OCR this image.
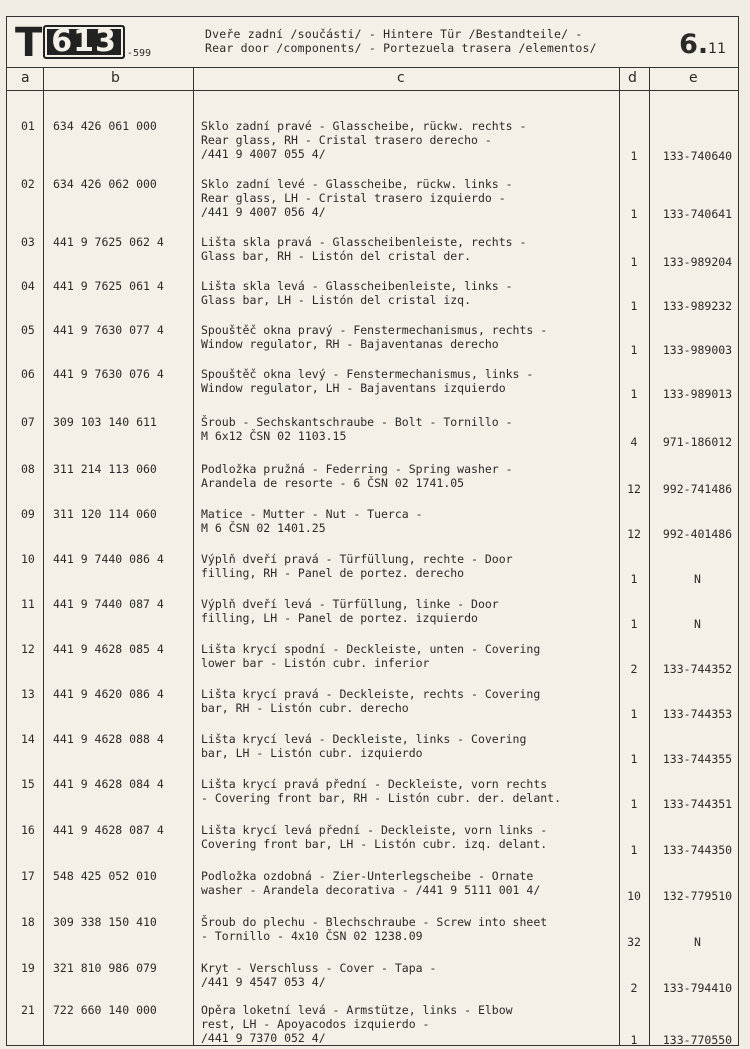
T 613	-599
Dveře zadní /součásti/ - Hintere Tür /Bestandteile/ -
Rear door /components/ - Portezuela trasera /elementos/	6.11
a	b	c	d	e
01 634 426 061 000	Sklo zadní pravé - Glasscheibe, rückw. rechts -
Rear glass, RH - Cristal trasero derecho -
/441 9 4007 055 4/	1	133-740640
02 634 426 062 000	Sklo zadní levé - Glasscheibe, rückw. links -
Rear glass, LH - Cristal trasero izquierdo -
/441 9 4007 056 4/	1	133-740641
03 441 9 7625 062 4	Lišta skla pravá - Glasscheibenleiste, rechts -
Glass bar, RH - Listón del cristal der.	1	133-989204
04 441 9 7625 061 4	Lišta skla levá - Glasscheibenleiste, links -
Glass bar, LH - Listón del cristal izq.	1	133-989232
05 441 9 7630 077 4	Spouštěč okna pravý - Fenstermechanismus, rechts -
Window regulator, RH - Bajaventanas derecho	1	133-989003
06 441 9 7630 076 4	Spouštěč okna levý - Fenstermechanismus, links -
Window regulator, LH - Bajaventans izquierdo	1	133-989013
07 309 103 140 611	Šroub - Sechskantschraube - Bolt - Tornillo -
M 6x12 ČSN 02 1103.15	4	971-186012
08 311 214 113 060	Podložka pružná - Federring - Spring washer -
Arandela de resorte - 6 ČSN 02 1741.05	12	992-741486
09 311 120 114 060	Matice - Mutter - Nut - Tuerca -
M 6 ČSN 02 1401.25	12	992-401486
10 441 9 7440 086 4	Výplň dveří pravá - Türfüllung, rechte - Door
filling, RH - Panel de portez. derecho	1	N
11 441 9 7440 087 4	Výplň dveří levá - Türfüllung, linke - Door
filling, LH - Panel de portez. izquierdo	1	N
12 441 9 4628 085 4	Lišta krycí spodní - Deckleiste, unten - Covering
lower bar - Listón cubr. inferior	2	133-744352
13 441 9 4620 086 4	Lišta krycí pravá - Deckleiste, rechts - Covering
bar, RH - Listón cubr. derecho	1	133-744353
14 441 9 4628 088 4	Lišta krycí levá - Deckleiste, links - Covering
bar, LH - Listón cubr. izquierdo	1	133-744355
15 441 9 4628 084 4	Lišta krycí pravá přední - Deckleiste, vorn rechts
- Covering front bar, RH - Listón cubr. der. delant.	1	133-744351
16 441 9 4628 087 4	Lišta krycí levá přední - Deckleiste, vorn links -
Covering front bar, LH - Listón cubr. izq. delant.	1	133-744350
17 548 425 052 010	Podložka ozdobná - Zier-Unterlegscheibe - Ornate
washer - Arandela decorativa - /441 9 5111 001 4/	10	132-779510
18 309 338 150 410	Šroub do plechu - Blechschraube - Screw into sheet
- Tornillo - 4x10 ČSN 02 1238.09	32	N
19 321 810 986 079	Kryt - Verschluss - Cover - Tapa -
/441 9 4547 053 4/	2	133-794410
21 722 660 140 000	Opěra loketní levá - Armstütze, links - Elbow
rest, LH - Apoyacodos izquierdo -
/441 9 7370 052 4/	1	133-770550
